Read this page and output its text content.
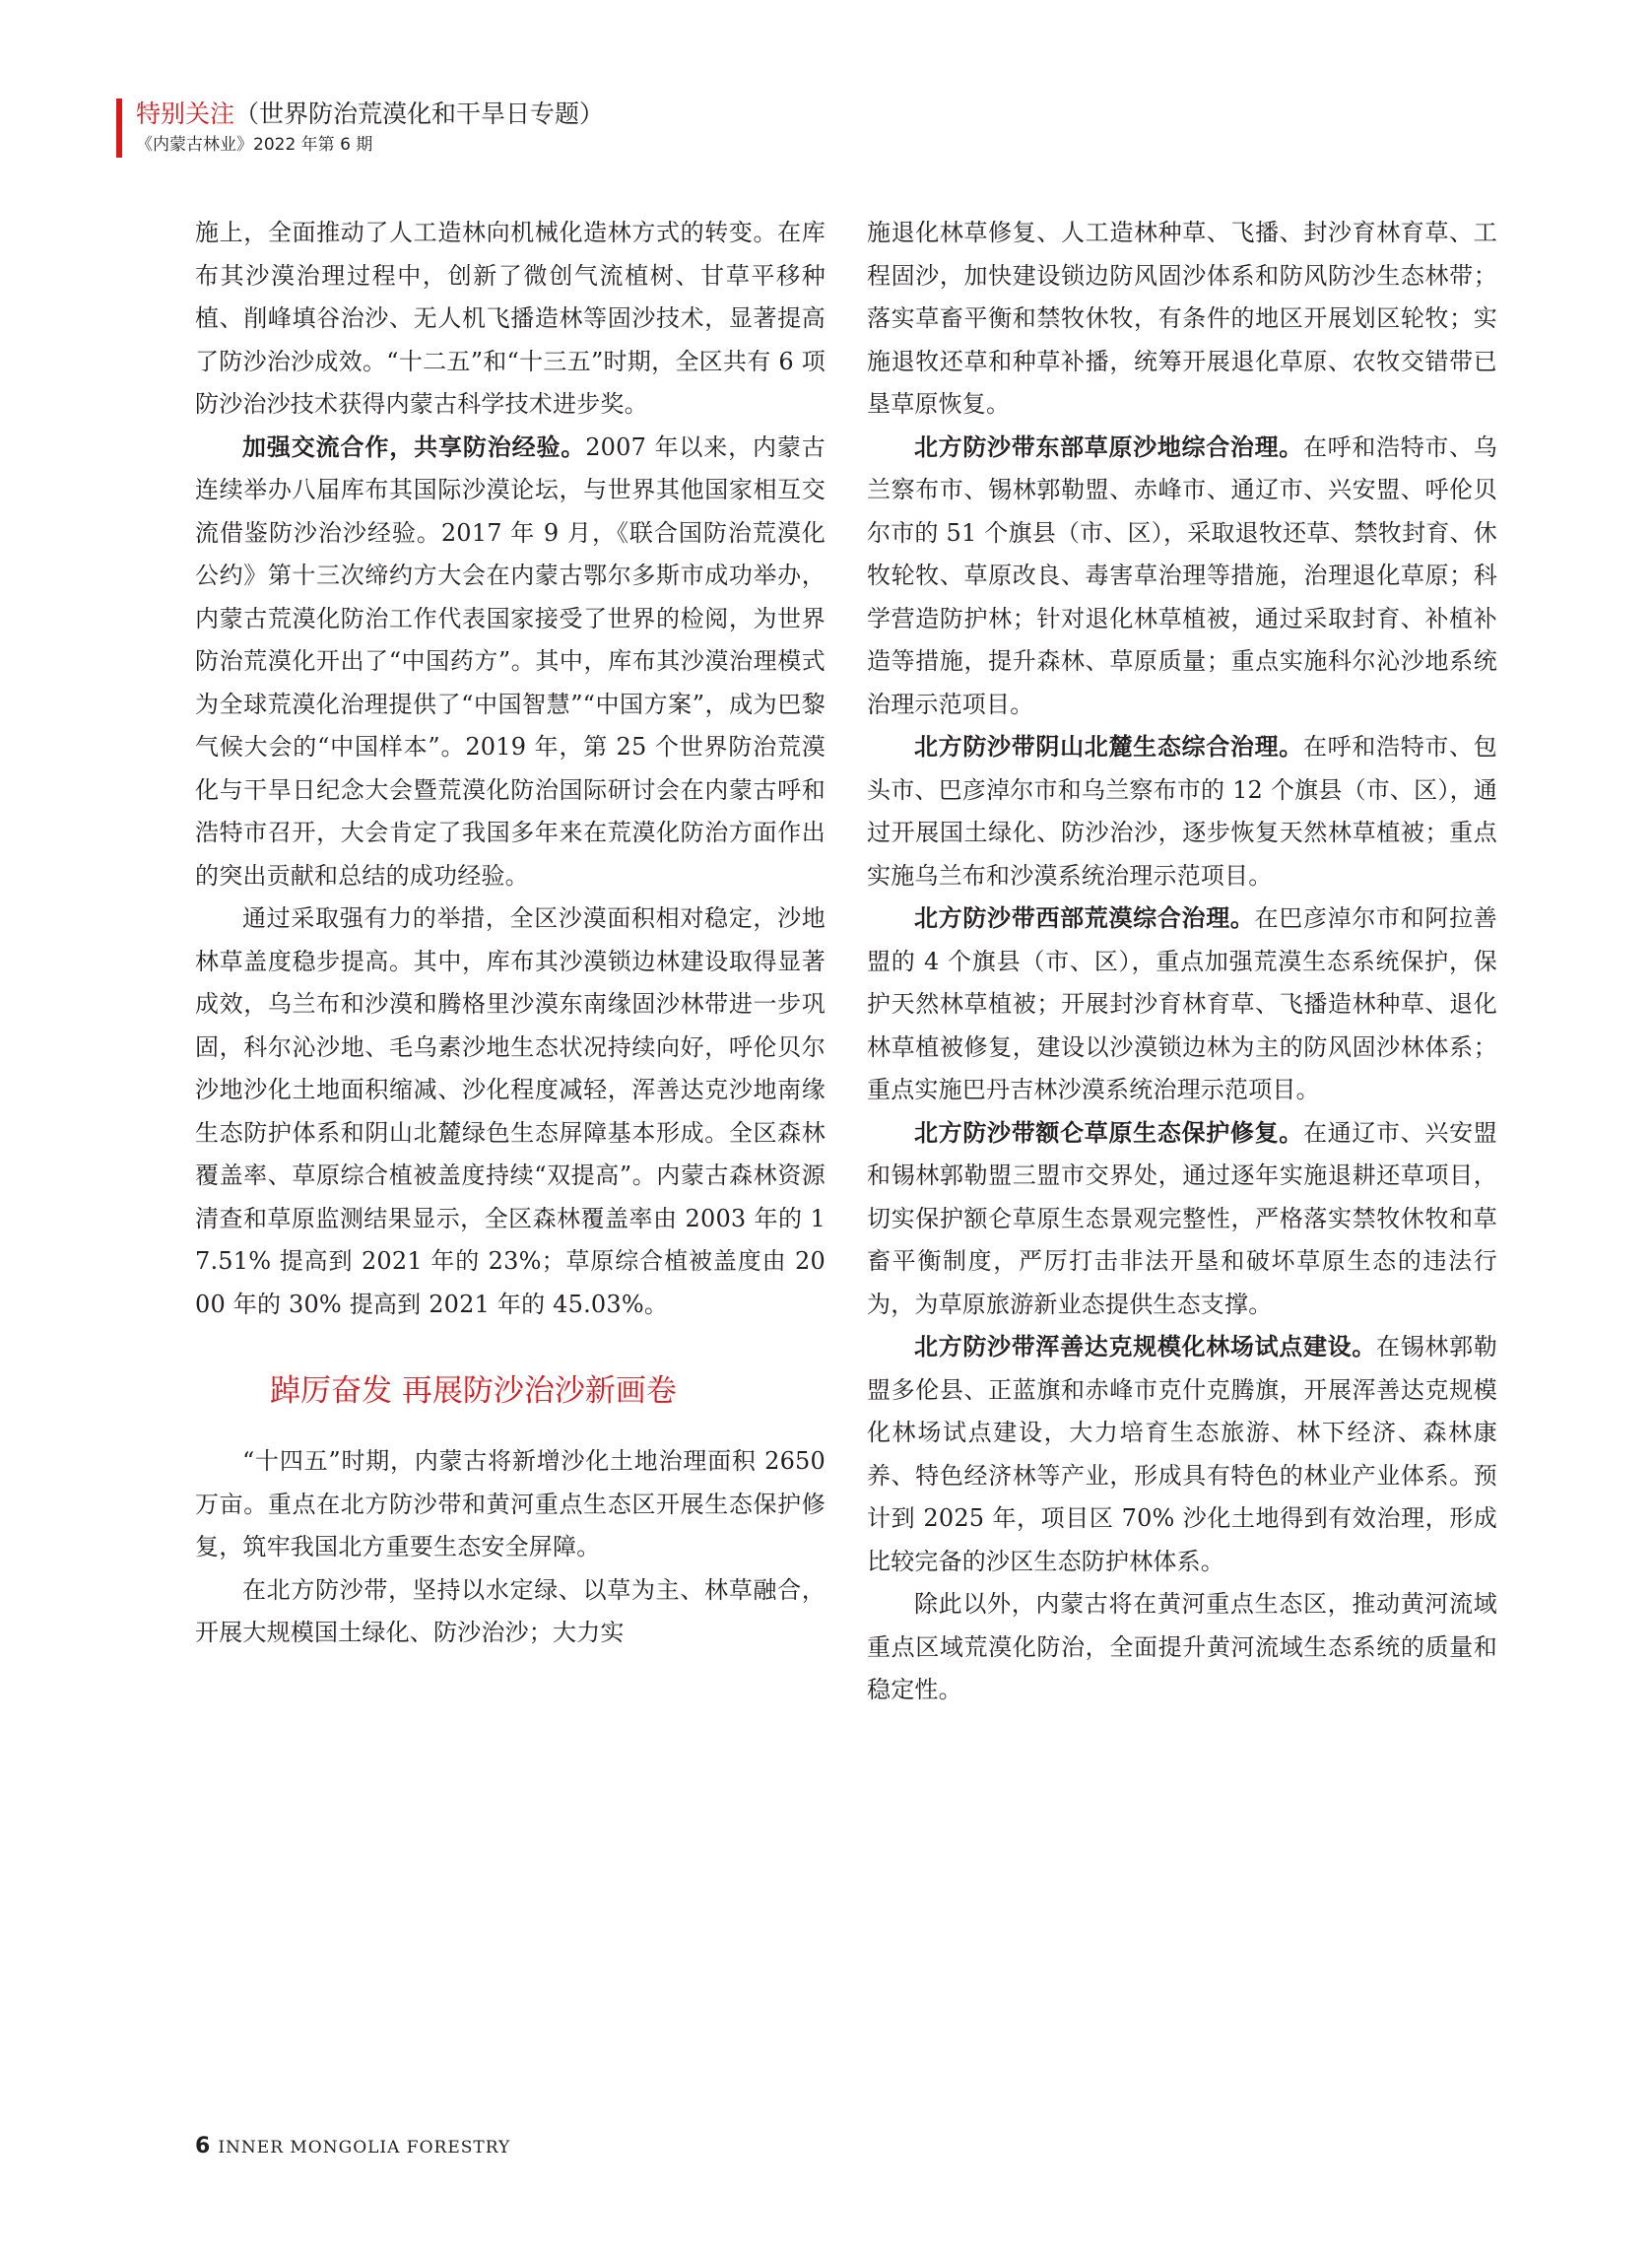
特别关注（世界防治荒漠化和干旱日专题）
《内蒙古林业》2022 年第 6 期

施上，全面推动了人工造林向机械化造林方式的转变。在库布其沙漠治理过程中，创新了微创气流植树、甘草平移种植、削峰填谷治沙、无人机飞播造林等固沙技术，显著提高了防沙治沙成效。“十二五”和“十三五”时期，全区共有 6 项防沙治沙技术获得内蒙古科学技术进步奖。

加强交流合作，共享防治经验。2007 年以来，内蒙古连续举办八届库布其国际沙漠论坛，与世界其他国家相互交流借鉴防沙治沙经验。2017 年 9 月，《联合国防治荒漠化公约》第十三次缔约方大会在内蒙古鄂尔多斯市成功举办，内蒙古荒漠化防治工作代表国家接受了世界的检阅，为世界防治荒漠化开出了“中国药方”。其中，库布其沙漠治理模式为全球荒漠化治理提供了“中国智慧”“中国方案”，成为巴黎气候大会的“中国样本”。2019 年，第 25 个世界防治荒漠化与干旱日纪念大会暨荒漠化防治国际研讨会在内蒙古呼和浩特市召开，大会肯定了我国多年来在荒漠化防治方面作出的突出贡献和总结的成功经验。

通过采取强有力的举措，全区沙漠面积相对稳定，沙地林草盖度稳步提高。其中，库布其沙漠锁边林建设取得显著成效，乌兰布和沙漠和腾格里沙漠东南缘固沙林带进一步巩固，科尔沁沙地、毛乌素沙地生态状况持续向好，呼伦贝尔沙地沙化土地面积缩减、沙化程度减轻，浑善达克沙地南缘生态防护体系和阴山北麓绿色生态屏障基本形成。全区森林覆盖率、草原综合植被盖度持续“双提高”。内蒙古森林资源清查和草原监测结果显示，全区森林覆盖率由 2003 年的 17.51% 提高到 2021 年的 23%；草原综合植被盖度由 2000 年的 30% 提高到 2021 年的 45.03%。

踔厉奋发 再展防沙治沙新画卷

“十四五”时期，内蒙古将新增沙化土地治理面积 2650 万亩。重点在北方防沙带和黄河重点生态区开展生态保护修复，筑牢我国北方重要生态安全屏障。

在北方防沙带，坚持以水定绿、以草为主、林草融合，开展大规模国土绿化、防沙治沙；大力实

施退化林草修复、人工造林种草、飞播、封沙育林育草、工程固沙，加快建设锁边防风固沙体系和防风防沙生态林带；落实草畜平衡和禁牧休牧，有条件的地区开展划区轮牧；实施退牧还草和种草补播，统筹开展退化草原、农牧交错带已垦草原恢复。

北方防沙带东部草原沙地综合治理。在呼和浩特市、乌兰察布市、锡林郭勒盟、赤峰市、通辽市、兴安盟、呼伦贝尔市的 51 个旗县（市、区），采取退牧还草、禁牧封育、休牧轮牧、草原改良、毒害草治理等措施，治理退化草原；科学营造防护林；针对退化林草植被，通过采取封育、补植补造等措施，提升森林、草原质量；重点实施科尔沁沙地系统治理示范项目。

北方防沙带阴山北麓生态综合治理。在呼和浩特市、包头市、巴彦淖尔市和乌兰察布市的 12 个旗县（市、区），通过开展国土绿化、防沙治沙，逐步恢复天然林草植被；重点实施乌兰布和沙漠系统治理示范项目。

北方防沙带西部荒漠综合治理。在巴彦淖尔市和阿拉善盟的 4 个旗县（市、区），重点加强荒漠生态系统保护，保护天然林草植被；开展封沙育林育草、飞播造林种草、退化林草植被修复，建设以沙漠锁边林为主的防风固沙林体系；重点实施巴丹吉林沙漠系统治理示范项目。

北方防沙带额仑草原生态保护修复。在通辽市、兴安盟和锡林郭勒盟三盟市交界处，通过逐年实施退耕还草项目，切实保护额仑草原生态景观完整性，严格落实禁牧休牧和草畜平衡制度，严厉打击非法开垦和破坏草原生态的违法行为，为草原旅游新业态提供生态支撑。

北方防沙带浑善达克规模化林场试点建设。在锡林郭勒盟多伦县、正蓝旗和赤峰市克什克腾旗，开展浑善达克规模化林场试点建设，大力培育生态旅游、林下经济、森林康养、特色经济林等产业，形成具有特色的林业产业体系。预计到 2025 年，项目区 70% 沙化土地得到有效治理，形成比较完备的沙区生态防护林体系。

除此以外，内蒙古将在黄河重点生态区，推动黄河流域重点区域荒漠化防治，全面提升黄河流域生态系统的质量和稳定性。

6 INNER MONGOLIA FORESTRY
